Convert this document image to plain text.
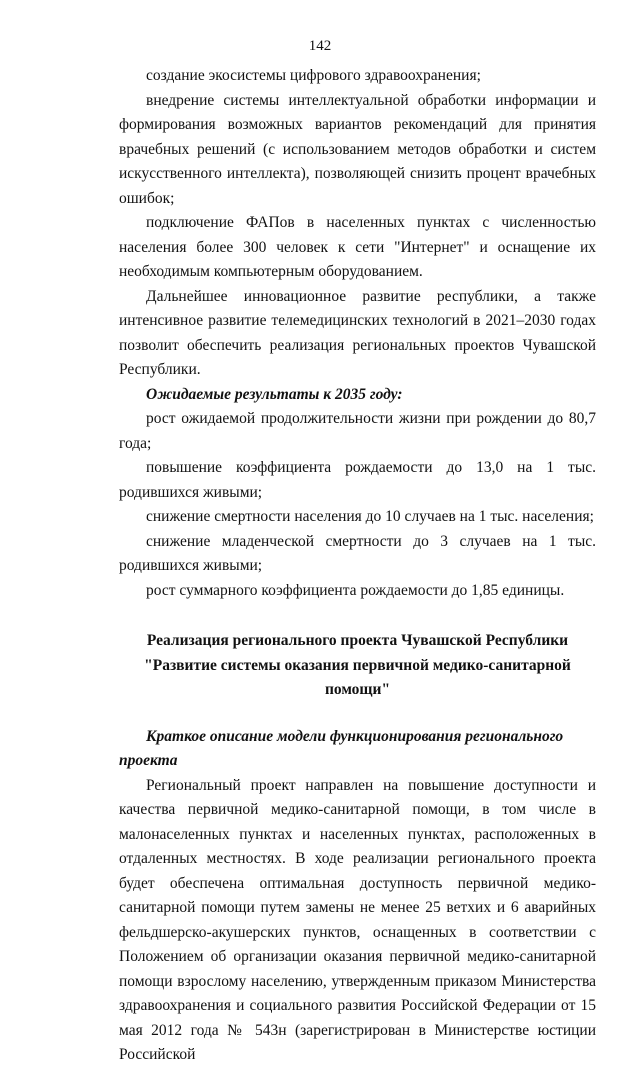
142

создание экосистемы цифрового здравоохранения;

внедрение системы интеллектуальной обработки информации и формирования возможных вариантов рекомендаций для принятия врачебных решений (с использованием методов обработки и систем искусственного интеллекта), позволяющей снизить процент врачебных ошибок;

подключение ФАПов в населенных пунктах с численностью населения более 300 человек к сети "Интернет" и оснащение их необходимым компьютерным оборудованием.

Дальнейшее инновационное развитие республики, а также интенсивное развитие телемедицинских технологий в 2021–2030 годах позволит обеспечить реализация региональных проектов Чувашской Республики.

Ожидаемые результаты к 2035 году:

рост ожидаемой продолжительности жизни при рождении до 80,7 года;

повышение коэффициента рождаемости до 13,0 на 1 тыс. родившихся живыми;

снижение смертности населения до 10 случаев на 1 тыс. населения;

снижение младенческой смертности до 3 случаев на 1 тыс. родившихся живыми;

рост суммарного коэффициента рождаемости до 1,85 единицы.

Реализация регионального проекта Чувашской Республики

"Развитие системы оказания первичной медико-санитарной помощи"

Краткое описание модели функционирования регионального проекта

Региональный проект направлен на повышение доступности и качества первичной медико-санитарной помощи, в том числе в малонаселенных пунктах и населенных пунктах, расположенных в отдаленных местностях. В ходе реализации регионального проекта будет обеспечена оптимальная доступность первичной медико-санитарной помощи путем замены не менее 25 ветхих и 6 аварийных фельдшерско-акушерских пунктов, оснащенных в соответствии с Положением об организации оказания первичной медико-санитарной помощи взрослому населению, утвержденным приказом Министерства здравоохранения и социального развития Российской Федерации от 15 мая 2012 года № 543н (зарегистрирован в Министерстве юстиции Российской
